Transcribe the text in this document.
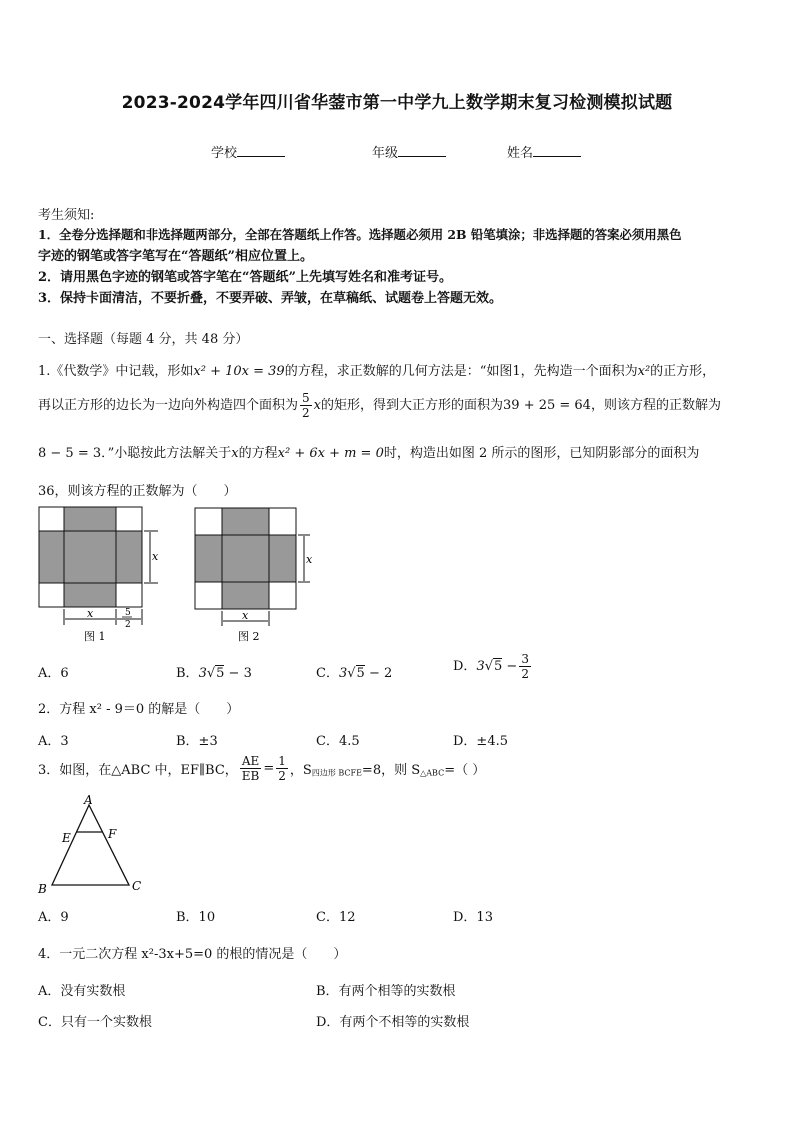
2023-2024学年四川省华蓥市第一中学九上数学期末复习检测模拟试题
学校	年级	姓名
考生须知:
1．全卷分选择题和非选择题两部分，全部在答题纸上作答。选择题必须用 2B 铅笔填涂；非选择题的答案必须用黑色
字迹的钢笔或答字笔写在“答题纸”相应位置上。
2．请用黑色字迹的钢笔或答字笔在“答题纸”上先填写姓名和准考证号。
3．保持卡面清洁，不要折叠，不要弄破、弄皱，在草稿纸、试题卷上答题无效。
一、选择题（每题 4 分，共 48 分）
1.《代数学》中记载，形如x² + 10x = 39的方程，求正数解的几何方法是：“如图1，先构造一个面积为x²的正方形，
再以正方形的边长为一边向外构造四个面积为 $\frac{5}{2}$ x的矩形，得到大正方形的面积为39 + 25 = 64，则该方程的正数解为
8 − 5 = 3．”小聪按此方法解关于x的方程x² + 6x + m = 0时，构造出如图 2 所示的图形，已知阴影部分的面积为
36，则该方程的正数解为（　　）
x
x	5
2
图 1
x
x
图 2
A．6	B．3√5 − 3	C．3√5 − 2	D．$3√5 - \frac{3}{2}$
2．方程 x² - 9＝0 的解是（　　）
A．3	B．±3	C．4.5	D．±4.5
3．如图，在△ABC 中，EF∥BC， $\frac{AE}{EB} = \frac{1}{2}$ ，$S_{四边形 BCFE}=8$，则 $S_{\triangle ABC}=$（ ）
A
E	F
B	C
A．9	B．10	C．12	D．13
4．一元二次方程 x²-3x+5=0 的根的情况是（　　）
A．没有实数根	B．有两个相等的实数根
C．只有一个实数根	D．有两个不相等的实数根
